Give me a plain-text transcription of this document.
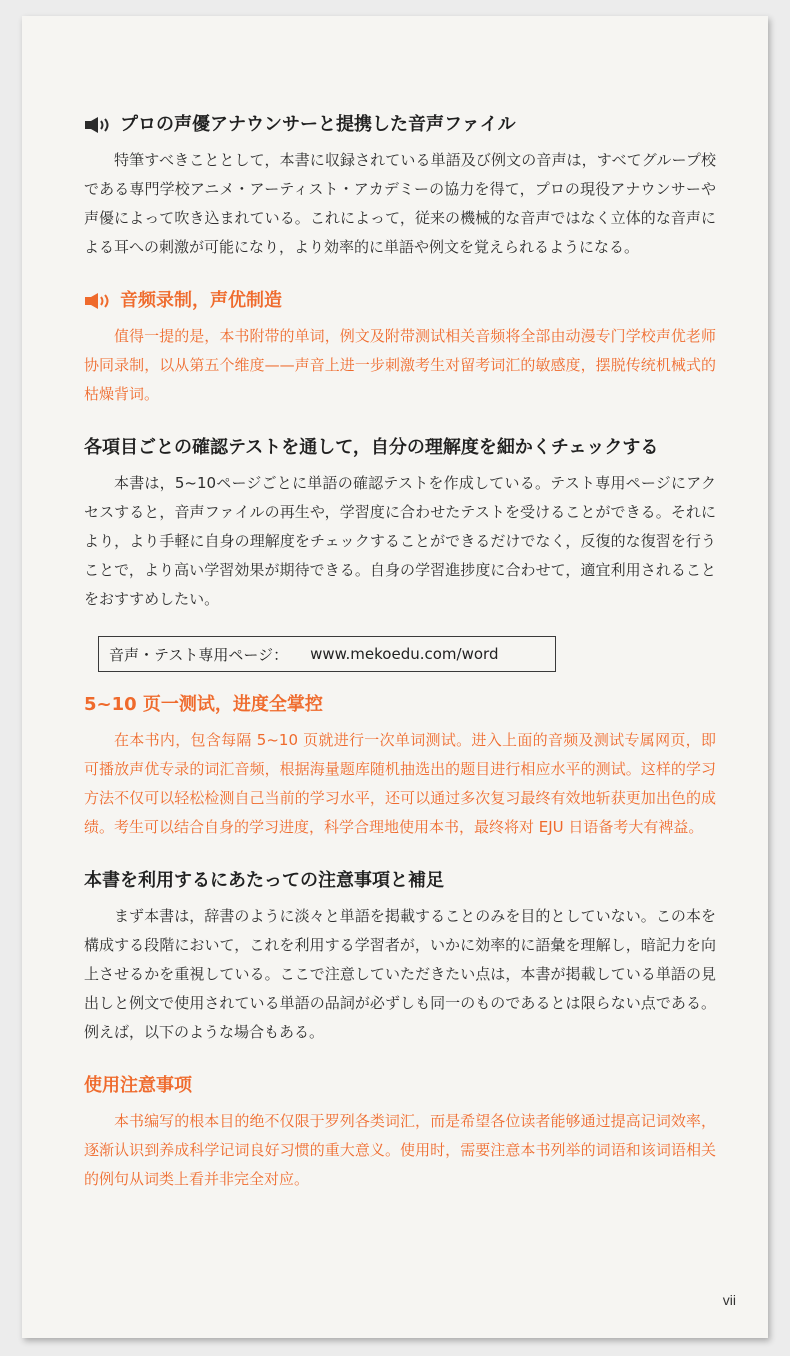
プロの声優アナウンサーと提携した音声ファイル

特筆すべきこととして，本書に収録されている単語及び例文の音声は，すべてグループ校である専門学校アニメ・アーティスト・アカデミーの協力を得て，プロの現役アナウンサーや声優によって吹き込まれている。これによって，従来の機械的な音声ではなく立体的な音声による耳への刺激が可能になり，より効率的に単語や例文を覚えられるようになる。

音频录制，声优制造

值得一提的是，本书附带的单词，例文及附带测试相关音频将全部由动漫专门学校声优老师协同录制，以从第五个维度——声音上进一步刺激考生对留考词汇的敏感度，摆脱传统机械式的枯燥背词。

各項目ごとの確認テストを通して，自分の理解度を細かくチェックする

本書は，5~10ページごとに単語の確認テストを作成している。テスト専用ページにアクセスすると，音声ファイルの再生や，学習度に合わせたテストを受けることができる。それにより，より手軽に自身の理解度をチェックすることができるだけでなく，反復的な復習を行うことで，より高い学習効果が期待できる。自身の学習進捗度に合わせて，適宜利用されることをおすすめしたい。

音声・テスト専用ページ： www.mekoedu.com/word
5~10 页一测试，进度全掌控

在本书内，包含每隔 5~10 页就进行一次单词测试。进入上面的音频及测试专属网页，即可播放声优专录的词汇音频，根据海量题库随机抽选出的题目进行相应水平的测试。这样的学习方法不仅可以轻松检测自己当前的学习水平，还可以通过多次复习最终有效地斩获更加出色的成绩。考生可以结合自身的学习进度，科学合理地使用本书，最终将对 EJU 日语备考大有裨益。

本書を利用するにあたっての注意事項と補足

まず本書は，辞書のように淡々と単語を掲載することのみを目的としていない。この本を構成する段階において，これを利用する学習者が，いかに効率的に語彙を理解し，暗記力を向上させるかを重視している。ここで注意していただきたい点は，本書が掲載している単語の見出しと例文で使用されている単語の品詞が必ずしも同一のものであるとは限らない点である。例えば，以下のような場合もある。

使用注意事项

本书编写的根本目的绝不仅限于罗列各类词汇，而是希望各位读者能够通过提高记词效率，逐渐认识到养成科学记词良好习惯的重大意义。使用时，需要注意本书列举的词语和该词语相关的例句从词类上看并非完全对应。

vii
